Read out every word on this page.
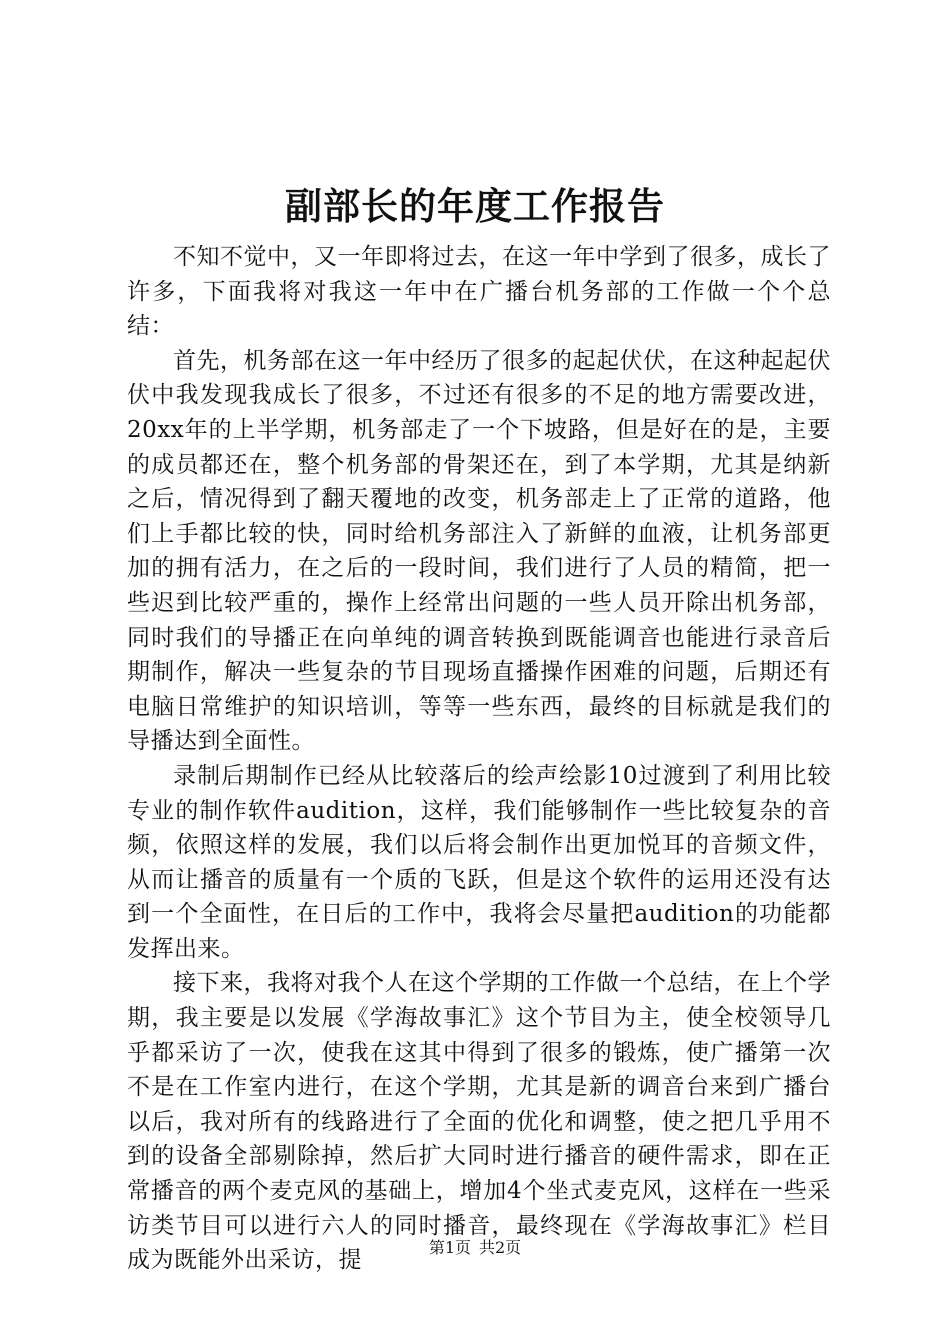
副部长的年度工作报告

不知不觉中，又一年即将过去，在这一年中学到了很多，成长了许多，下面我将对我这一年中在广播台机务部的工作做一个个总结：

首先，机务部在这一年中经历了很多的起起伏伏，在这种起起伏伏中我发现我成长了很多，不过还有很多的不足的地方需要改进，20xx年的上半学期，机务部走了一个下坡路，但是好在的是，主要的成员都还在，整个机务部的骨架还在，到了本学期，尤其是纳新之后，情况得到了翻天覆地的改变，机务部走上了正常的道路，他们上手都比较的快，同时给机务部注入了新鲜的血液，让机务部更加的拥有活力，在之后的一段时间，我们进行了人员的精简，把一些迟到比较严重的，操作上经常出问题的一些人员开除出机务部，同时我们的导播正在向单纯的调音转换到既能调音也能进行录音后期制作，解决一些复杂的节目现场直播操作困难的问题，后期还有电脑日常维护的知识培训，等等一些东西，最终的目标就是我们的导播达到全面性。

录制后期制作已经从比较落后的绘声绘影10过渡到了利用比较专业的制作软件audition，这样，我们能够制作一些比较复杂的音频，依照这样的发展，我们以后将会制作出更加悦耳的音频文件，从而让播音的质量有一个质的飞跃，但是这个软件的运用还没有达到一个全面性，在日后的工作中，我将会尽量把audition的功能都发挥出来。

接下来，我将对我个人在这个学期的工作做一个总结，在上个学期，我主要是以发展《学海故事汇》这个节目为主，使全校领导几乎都采访了一次，使我在这其中得到了很多的锻炼，使广播第一次不是在工作室内进行，在这个学期，尤其是新的调音台来到广播台以后，我对所有的线路进行了全面的优化和调整，使之把几乎用不到的设备全部剔除掉，然后扩大同时进行播音的硬件需求，即在正常播音的两个麦克风的基础上，增加4个坐式麦克风，这样在一些采访类节目可以进行六人的同时播音，最终现在《学海故事汇》栏目成为既能外出采访，提	第1页 共2页
